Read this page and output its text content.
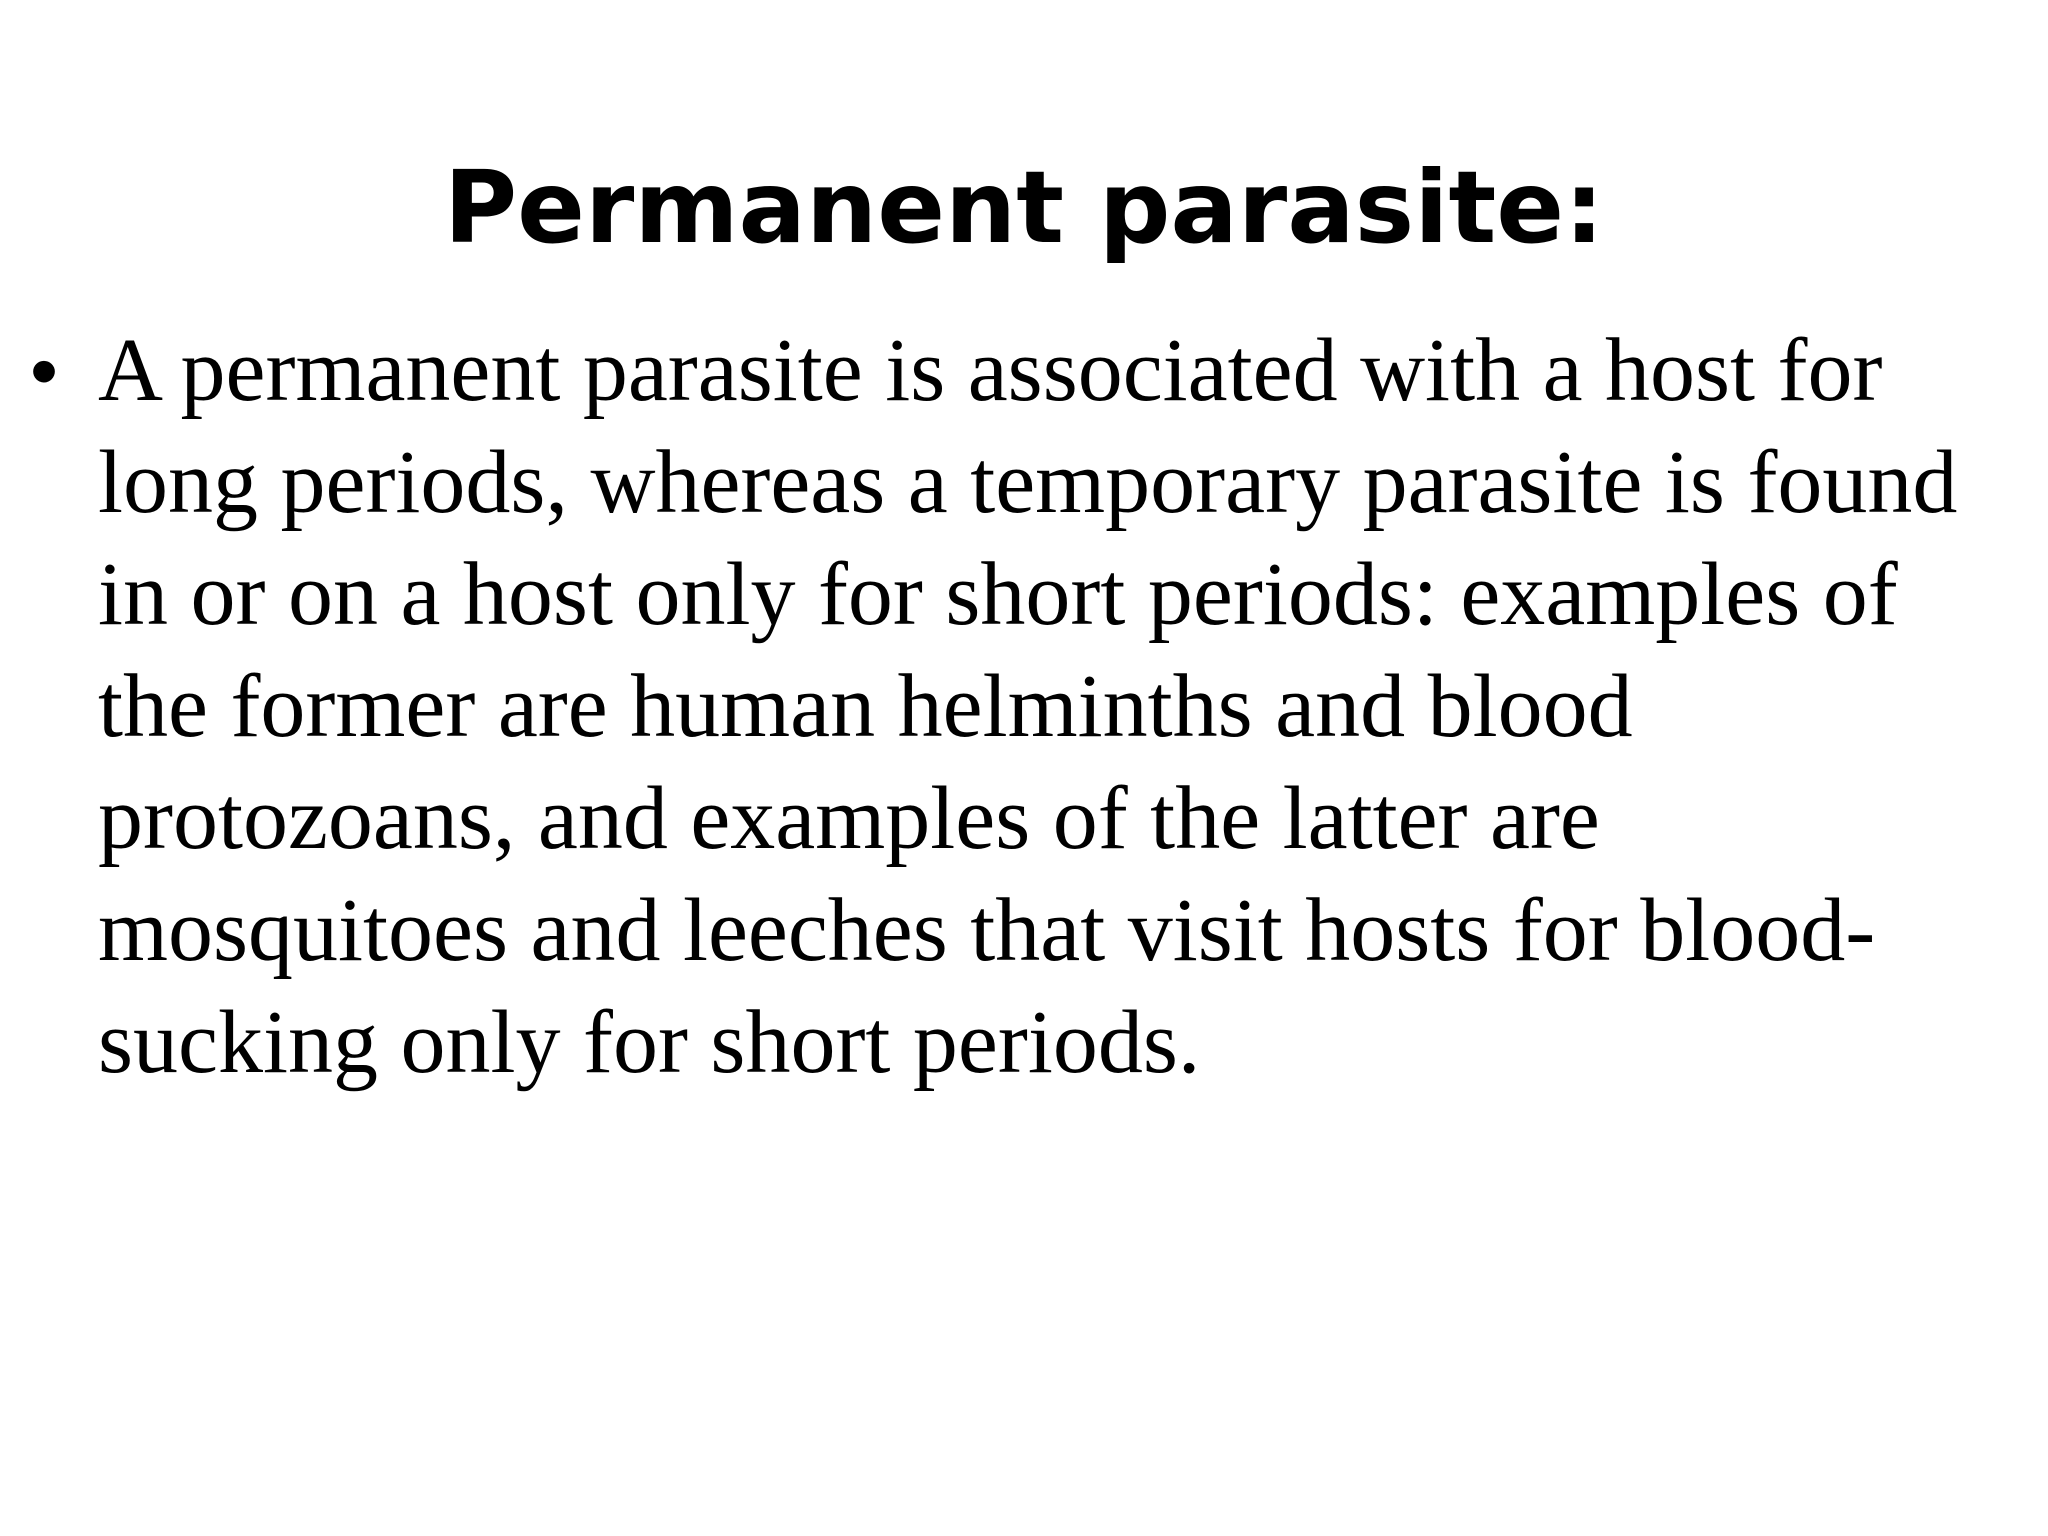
Permanent parasite:
• A permanent parasite is associated with a host for long periods, whereas a temporary parasite is found in or on a host only for short periods: examples of the former are human helminths and blood protozoans, and examples of the latter are mosquitoes and leeches that visit hosts for blood-sucking only for short periods.
